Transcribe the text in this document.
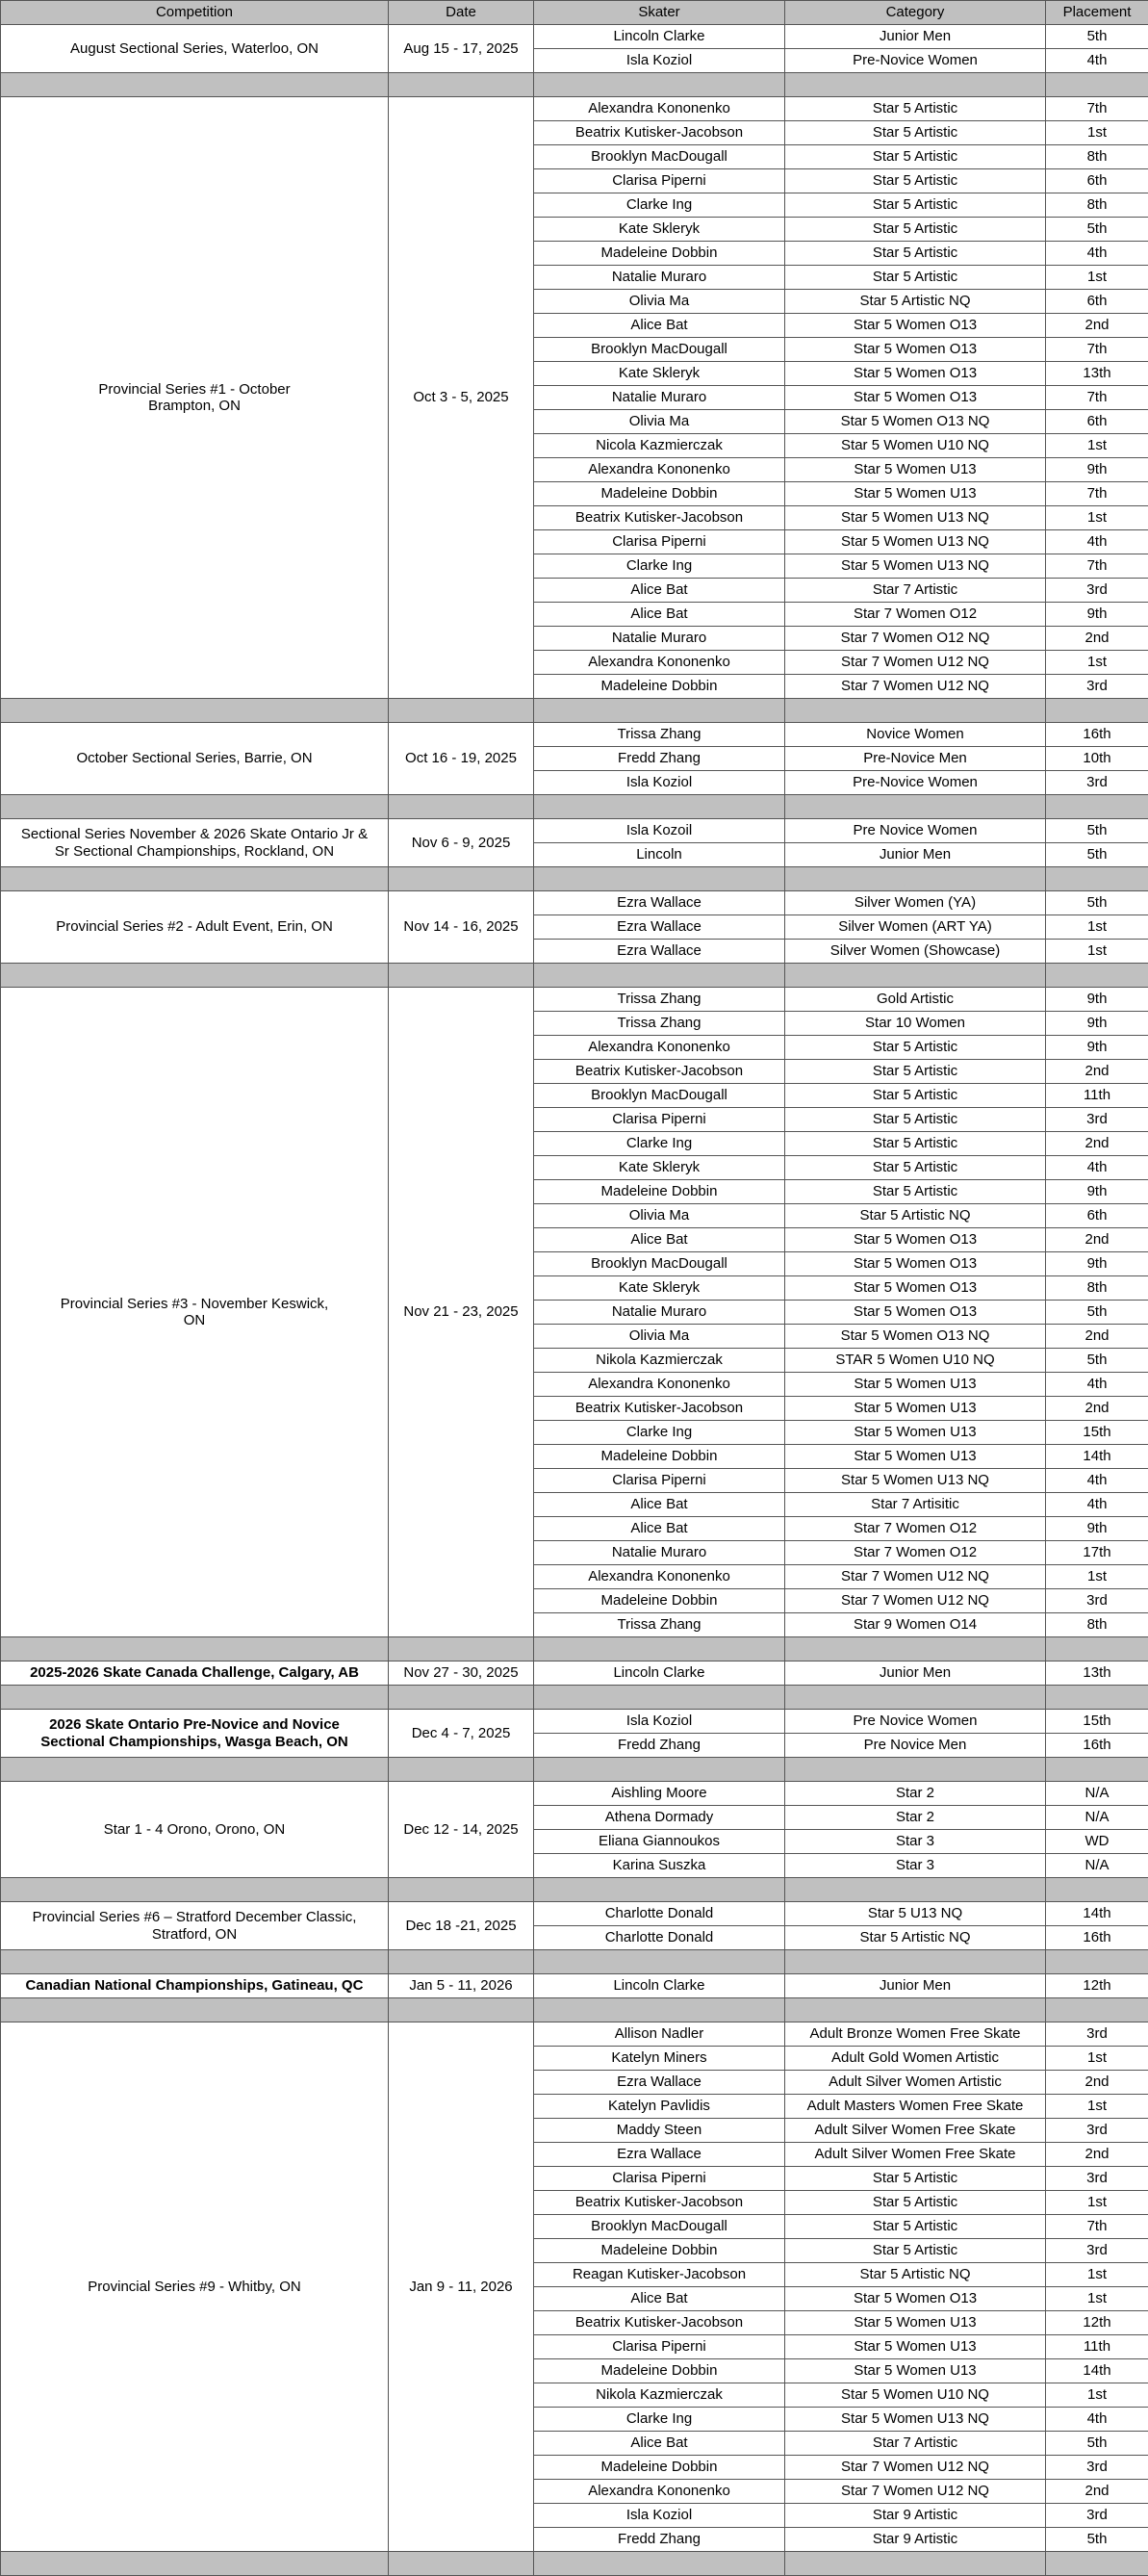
Competition	Date	Skater	Category	Placement

August Sectional Series, Waterloo, ON	Aug 15 - 17, 2025	Lincoln Clarke	Junior Men	5th
		Isla Koziol	Pre-Novice Women	4th

Provincial Series #1 - October
Brampton, ON	Oct 3 - 5, 2025	Alexandra Kononenko	Star 5 Artistic	7th
		Beatrix Kutisker-Jacobson	Star 5 Artistic	1st
		Brooklyn MacDougall	Star 5 Artistic	8th
		Clarisa Piperni	Star 5 Artistic	6th
		Clarke Ing	Star 5 Artistic	8th
		Kate Skleryk	Star 5 Artistic	5th
		Madeleine Dobbin	Star 5 Artistic	4th
		Natalie Muraro	Star 5 Artistic	1st
		Olivia Ma	Star 5 Artistic NQ	6th
		Alice Bat	Star 5 Women O13	2nd
		Brooklyn MacDougall	Star 5 Women O13	7th
		Kate Skleryk	Star 5 Women O13	13th
		Natalie Muraro	Star 5 Women O13	7th
		Olivia Ma	Star 5 Women O13 NQ	6th
		Nicola Kazmierczak	Star 5 Women U10 NQ	1st
		Alexandra Kononenko	Star 5 Women U13	9th
		Madeleine Dobbin	Star 5 Women U13	7th
		Beatrix Kutisker-Jacobson	Star 5 Women U13 NQ	1st
		Clarisa Piperni	Star 5 Women U13 NQ	4th
		Clarke Ing	Star 5 Women U13 NQ	7th
		Alice Bat	Star 7 Artistic	3rd
		Alice Bat	Star 7 Women O12	9th
		Natalie Muraro	Star 7 Women O12 NQ	2nd
		Alexandra Kononenko	Star 7 Women U12 NQ	1st
		Madeleine Dobbin	Star 7 Women U12 NQ	3rd

October Sectional Series, Barrie, ON	Oct 16 - 19, 2025	Trissa Zhang	Novice Women	16th
		Fredd Zhang	Pre-Novice Men	10th
		Isla Koziol	Pre-Novice Women	3rd

Sectional Series November & 2026 Skate Ontario Jr &
Sr Sectional Championships, Rockland, ON	Nov 6 - 9, 2025	Isla Kozoil	Pre Novice Women	5th
		Lincoln	Junior Men	5th

Provincial Series #2 - Adult Event, Erin, ON	Nov 14 - 16, 2025	Ezra Wallace	Silver Women (YA)	5th
		Ezra Wallace	Silver Women (ART YA)	1st
		Ezra Wallace	Silver Women (Showcase)	1st

Provincial Series #3 - November Keswick,
ON	Nov 21 - 23, 2025	Trissa Zhang	Gold Artistic	9th
		Trissa Zhang	Star 10 Women	9th
		Alexandra Kononenko	Star 5 Artistic	9th
		Beatrix Kutisker-Jacobson	Star 5 Artistic	2nd
		Brooklyn MacDougall	Star 5 Artistic	11th
		Clarisa Piperni	Star 5 Artistic	3rd
		Clarke Ing	Star 5 Artistic	2nd
		Kate Skleryk	Star 5 Artistic	4th
		Madeleine Dobbin	Star 5 Artistic	9th
		Olivia Ma	Star 5 Artistic NQ	6th
		Alice Bat	Star 5 Women O13	2nd
		Brooklyn MacDougall	Star 5 Women O13	9th
		Kate Skleryk	Star 5 Women O13	8th
		Natalie Muraro	Star 5 Women O13	5th
		Olivia Ma	Star 5 Women O13 NQ	2nd
		Nikola Kazmierczak	STAR 5 Women U10 NQ	5th
		Alexandra Kononenko	Star 5 Women U13	4th
		Beatrix Kutisker-Jacobson	Star 5 Women U13	2nd
		Clarke Ing	Star 5 Women U13	15th
		Madeleine Dobbin	Star 5 Women U13	14th
		Clarisa Piperni	Star 5 Women U13 NQ	4th
		Alice Bat	Star 7 Artisitic	4th
		Alice Bat	Star 7 Women O12	9th
		Natalie Muraro	Star 7 Women O12	17th
		Alexandra Kononenko	Star 7 Women U12 NQ	1st
		Madeleine Dobbin	Star 7 Women U12 NQ	3rd
		Trissa Zhang	Star 9 Women O14	8th

2025-2026 Skate Canada Challenge, Calgary, AB	Nov 27 - 30, 2025	Lincoln Clarke	Junior Men	13th

2026 Skate Ontario Pre-Novice and Novice
Sectional Championships, Wasga Beach, ON	Dec 4 - 7, 2025	Isla Koziol	Pre Novice Women	15th
		Fredd Zhang	Pre Novice Men	16th

Star 1 - 4 Orono, Orono, ON	Dec 12 - 14, 2025	Aishling Moore	Star 2	N/A
		Athena Dormady	Star 2	N/A
		Eliana Giannoukos	Star 3	WD
		Karina Suszka	Star 3	N/A

Provincial Series #6 – Stratford December Classic,
Stratford, ON	Dec 18 -21, 2025	Charlotte Donald	Star 5 U13 NQ	14th
		Charlotte Donald	Star 5 Artistic NQ	16th

Canadian National Championships, Gatineau, QC	Jan 5 - 11, 2026	Lincoln Clarke	Junior Men	12th

Provincial Series #9 - Whitby, ON	Jan 9 - 11, 2026	Allison Nadler	Adult Bronze Women Free Skate	3rd
		Katelyn Miners	Adult Gold Women Artistic	1st
		Ezra Wallace	Adult Silver Women Artistic	2nd
		Katelyn Pavlidis	Adult Masters Women Free Skate	1st
		Maddy Steen	Adult Silver Women Free Skate	3rd
		Ezra Wallace	Adult Silver Women Free Skate	2nd
		Clarisa Piperni	Star 5 Artistic	3rd
		Beatrix Kutisker-Jacobson	Star 5 Artistic	1st
		Brooklyn MacDougall	Star 5 Artistic	7th
		Madeleine Dobbin	Star 5 Artistic	3rd
		Reagan Kutisker-Jacobson	Star 5 Artistic NQ	1st
		Alice Bat	Star 5 Women O13	1st
		Beatrix Kutisker-Jacobson	Star 5 Women U13	12th
		Clarisa Piperni	Star 5 Women U13	11th
		Madeleine Dobbin	Star 5 Women U13	14th
		Nikola Kazmierczak	Star 5 Women U10 NQ	1st
		Clarke Ing	Star 5 Women U13 NQ	4th
		Alice Bat	Star 7 Artistic	5th
		Madeleine Dobbin	Star 7 Women U12 NQ	3rd
		Alexandra Kononenko	Star 7 Women U12 NQ	2nd
		Isla Koziol	Star 9 Artistic	3rd
		Fredd Zhang	Star 9 Artistic	5th
